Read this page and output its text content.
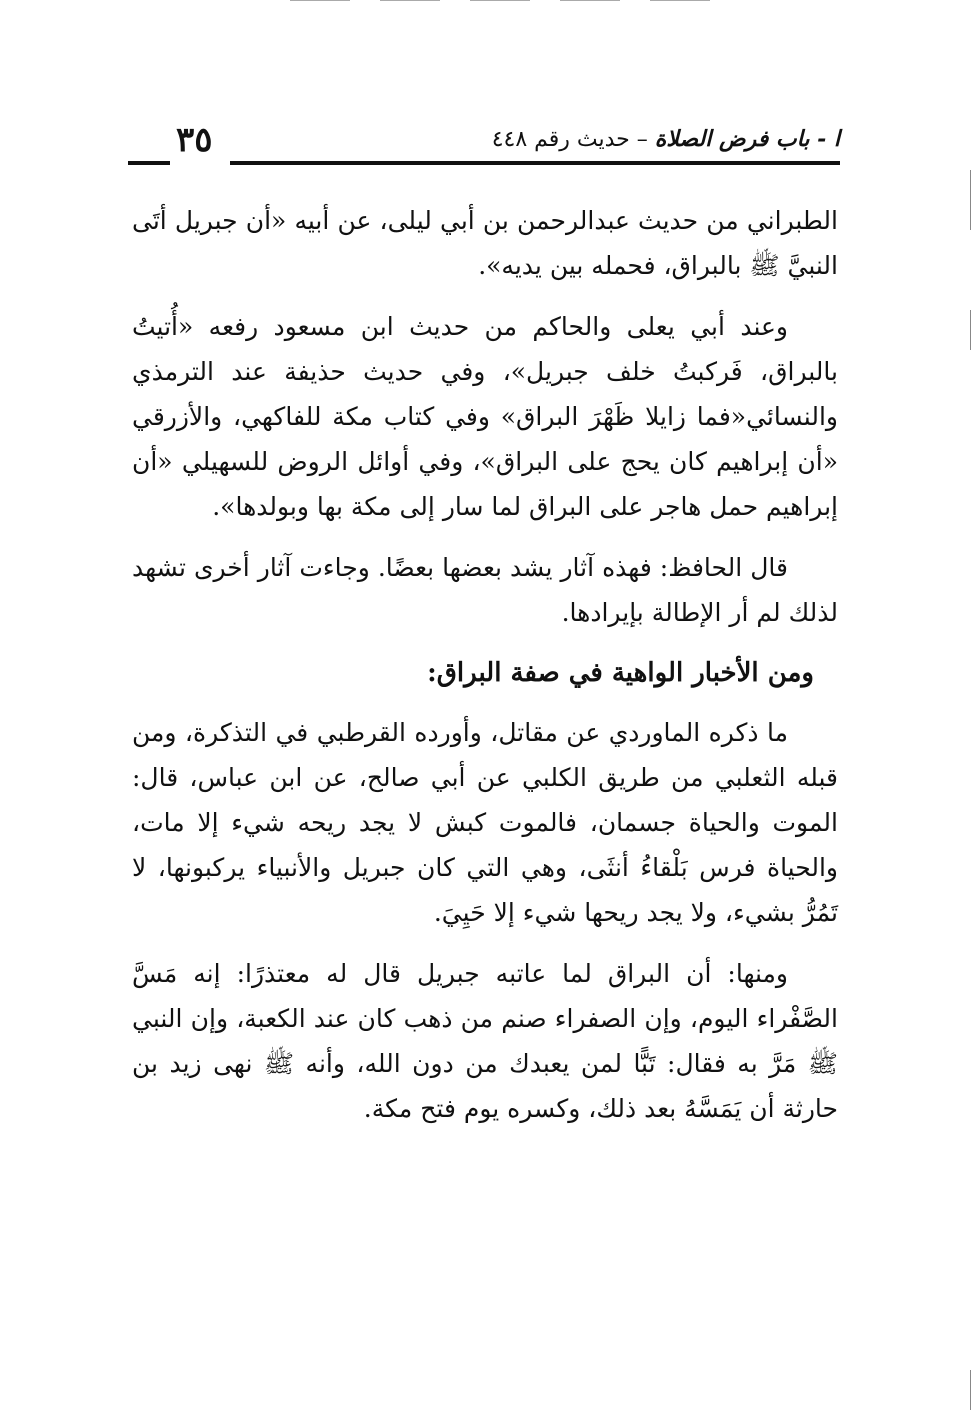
ا - باب فرض الصلاة – حديث رقم ٤٤٨
٣٥

الطبراني من حديث عبدالرحمن بن أبي ليلى، عن أبيه «أن جبريل أتَى النبيَّ ﷺ بالبراق، فحمله بين يديه».

وعند أبي يعلى والحاكم من حديث ابن مسعود رفعه «أُتيتُ بالبراق، فَركبتُ خلف جبريل»، وفي حديث حذيفة عند الترمذي والنسائي«فما زايلا ظَهْرَ البراق» وفي كتاب مكة للفاكهي، والأزرقي «أن إبراهيم كان يحج على البراق»، وفي أوائل الروض للسهيلي «أن إبراهيم حمل هاجر على البراق لما سار إلى مكة بها وبولدها».

قال الحافظ: فهذه آثار يشد بعضها بعضًا. وجاءت آثار أخرى تشهد لذلك لم أر الإطالة بإيرادها.

ومن الأخبار الواهية في صفة البراق:

ما ذكره الماوردي عن مقاتل، وأورده القرطبي في التذكرة، ومن قبله الثعلبي من طريق الكلبي عن أبي صالح، عن ابن عباس، قال: الموت والحياة جسمان، فالموت كبش لا يجد ريحه شيء إلا مات، والحياة فرس بَلْقاءُ أنثَى، وهي التي كان جبريل والأنبياء يركبونها، لا تَمُرُّ بشيء، ولا يجد ريحها شيء إلا حَيِيَ.

ومنها: أن البراق لما عاتبه جبريل قال له معتذرًا: إنه مَسَّ الصَّفْراء اليوم، وإن الصفراء صنم من ذهب كان عند الكعبة، وإن النبي ﷺ مَرَّ به فقال: تَبًّا لمن يعبدك من دون الله، وأنه ﷺ نهى زيد بن حارثة أن يَمَسَّهُ بعد ذلك، وكسره يوم فتح مكة.
